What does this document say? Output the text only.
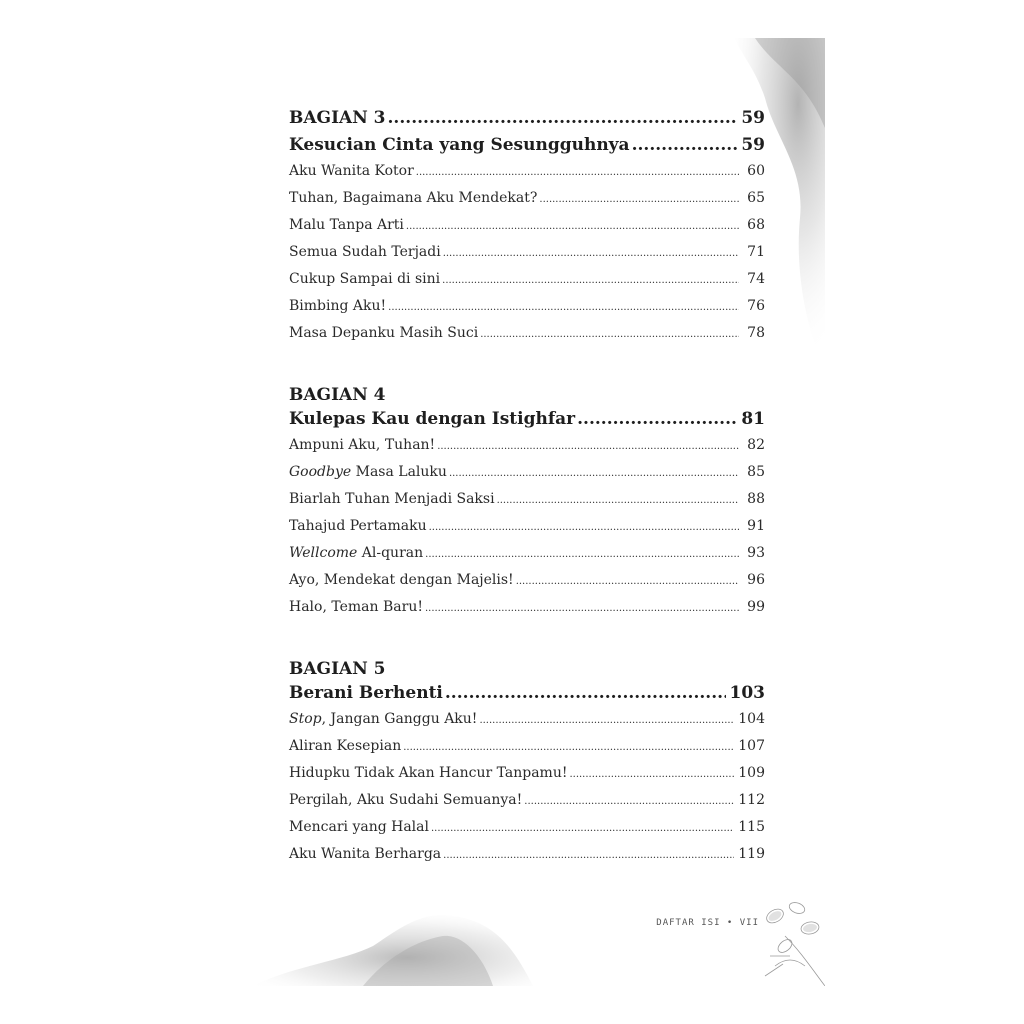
BAGIAN 3 .....	59
Kesucian Cinta yang Sesungguhnya .....	59
Aku Wanita Kotor .....	60
Tuhan, Bagaimana Aku Mendekat? .....	65
Malu Tanpa Arti .....	68
Semua Sudah Terjadi .....	71
Cukup Sampai di sini .....	74
Bimbing Aku! .....	76
Masa Depanku Masih Suci .....	78
BAGIAN 4
Kulepas Kau dengan Istighfar .....	81
Ampuni Aku, Tuhan! .....	82
Goodbye Masa Laluku .....	85
Biarlah Tuhan Menjadi Saksi .....	88
Tahajud Pertamaku .....	91
Wellcome Al-quran .....	93
Ayo, Mendekat dengan Majelis! .....	96
Halo, Teman Baru! .....	99
BAGIAN 5
Berani Berhenti .....	103
Stop, Jangan Ganggu Aku! .....	104
Aliran Kesepian .....	107
Hidupku Tidak Akan Hancur Tanpamu! .....	109
Pergilah, Aku Sudahi Semuanya! .....	112
Mencari yang Halal .....	115
Aku Wanita Berharga .....	119
DAFTAR ISI • VII
